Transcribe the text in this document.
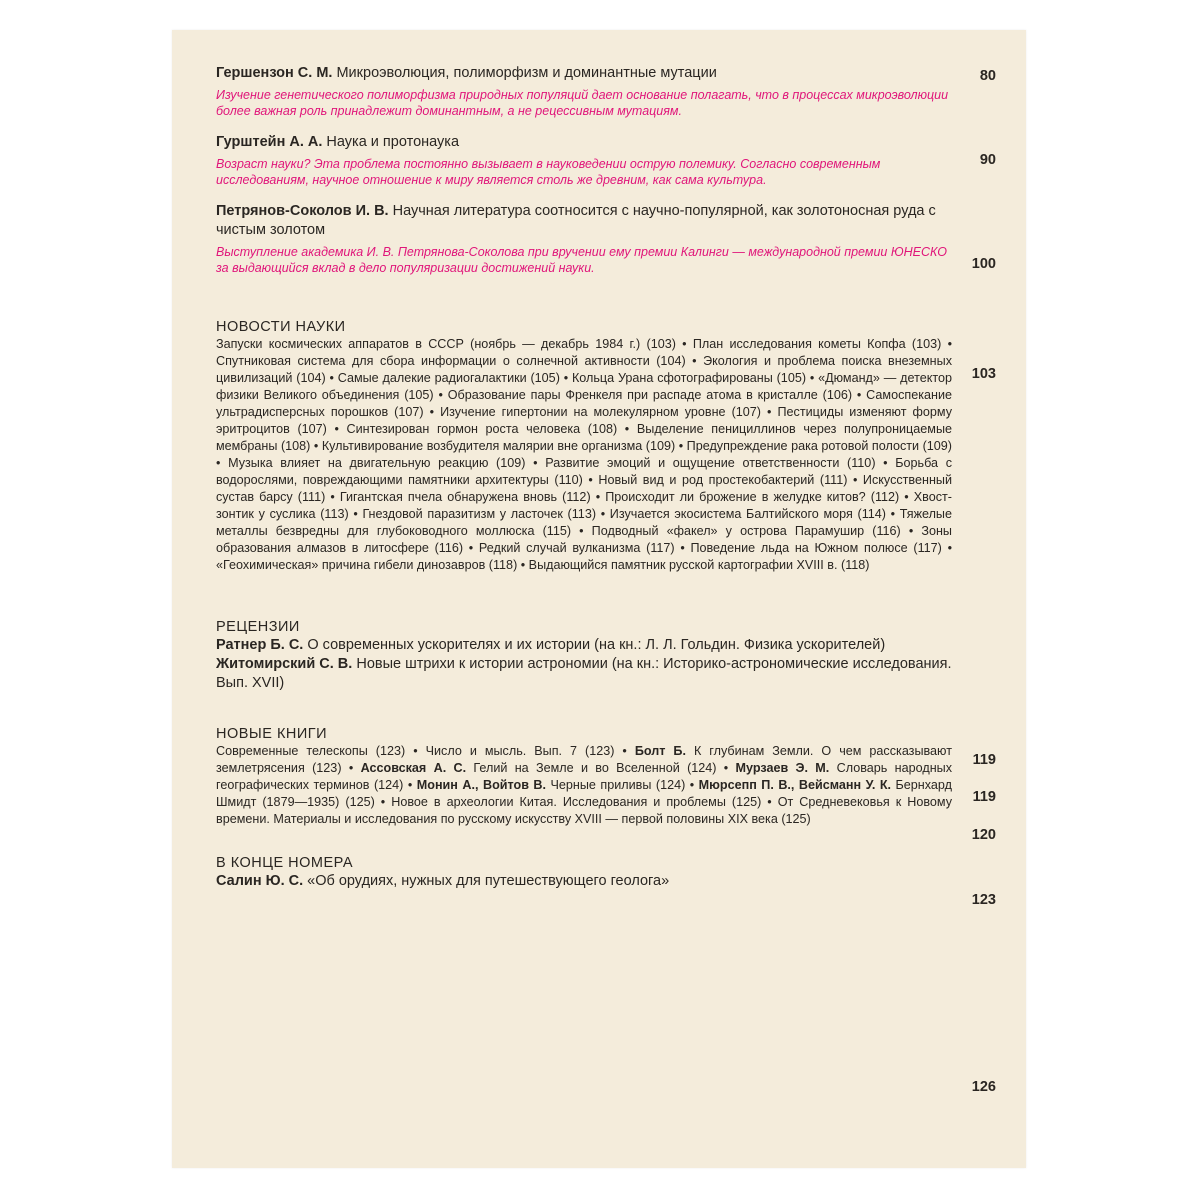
80
90
100
103
119
119
120
123
126
Гершензон С. М. Микроэволюция, полиморфизм и доминантные мутации
Изучение генетического полиморфизма природных популяций дает основание полагать, что в процессах микроэволюции более важная роль принадлежит доминантным, а не рецессивным мутациям.
Гурштейн А. А. Наука и протонаука
Возраст науки? Эта проблема постоянно вызывает в науковедении острую полемику. Согласно современным исследованиям, научное отношение к миру является столь же древним, как сама культура.
Петрянов-Соколов И. В. Научная литература соотносится с научно-популярной, как золотоносная руда с чистым золотом
Выступление академика И. В. Петрянова-Соколова при вручении ему премии Калинги — международной премии ЮНЕСКО за выдающийся вклад в дело популяризации достижений науки.
НОВОСТИ НАУКИ
Запуски космических аппаратов в СССР (ноябрь — декабрь 1984 г.) (103) • План исследования кометы Копфа (103) • Спутниковая система для сбора информации о солнечной активности (104) • Экология и проблема поиска внеземных цивилизаций (104) • Самые далекие радиогалактики (105) • Кольца Урана сфотографированы (105) • «Дюманд» — детектор физики Великого объединения (105) • Образование пары Френкеля при распаде атома в кристалле (106) • Самоспекание ультрадисперсных порошков (107) • Изучение гипертонии на молекулярном уровне (107) • Пестициды изменяют форму эритроцитов (107) • Синтезирован гормон роста человека (108) • Выделение пенициллинов через полупроницаемые мембраны (108) • Культивирование возбудителя малярии вне организма (109) • Предупреждение рака ротовой полости (109) • Музыка влияет на двигательную реакцию (109) • Развитие эмоций и ощущение ответственности (110) • Борьба с водорослями, повреждающими памятники архитектуры (110) • Новый вид и род простекобактерий (111) • Искусственный сустав барсу (111) • Гигантская пчела обнаружена вновь (112) • Происходит ли брожение в желудке китов? (112) • Хвост-зонтик у суслика (113) • Гнездовой паразитизм у ласточек (113) • Изучается экосистема Балтийского моря (114) • Тяжелые металлы безвредны для глубоководного моллюска (115) • Подводный «факел» у острова Парамушир (116) • Зоны образования алмазов в литосфере (116) • Редкий случай вулканизма (117) • Поведение льда на Южном полюсе (117) • «Геохимическая» причина гибели динозавров (118) • Выдающийся памятник русской картографии XVIII в. (118)
РЕЦЕНЗИИ
Ратнер Б. С. О современных ускорителях и их истории (на кн.: Л. Л. Гольдин. Физика ускорителей)
Житомирский С. В. Новые штрихи к истории астрономии (на кн.: Историко-астрономические исследования. Вып. XVII)
НОВЫЕ КНИГИ
Современные телескопы (123) • Число и мысль. Вып. 7 (123) • Болт Б. К глубинам Земли. О чем рассказывают землетрясения (123) • Ассовская А. С. Гелий на Земле и во Вселенной (124) • Мурзаев Э. М. Словарь народных географических терминов (124) • Монин А., Войтов В. Черные приливы (124) • Мюрсепп П. В., Вейсманн У. К. Бернхард Шмидт (1879—1935) (125) • Новое в археологии Китая. Исследования и проблемы (125) • От Средневековья к Новому времени. Материалы и исследования по русскому искусству XVIII — первой половины XIX века (125)
В КОНЦЕ НОМЕРА
Салин Ю. С. «Об орудиях, нужных для путешествующего геолога»
